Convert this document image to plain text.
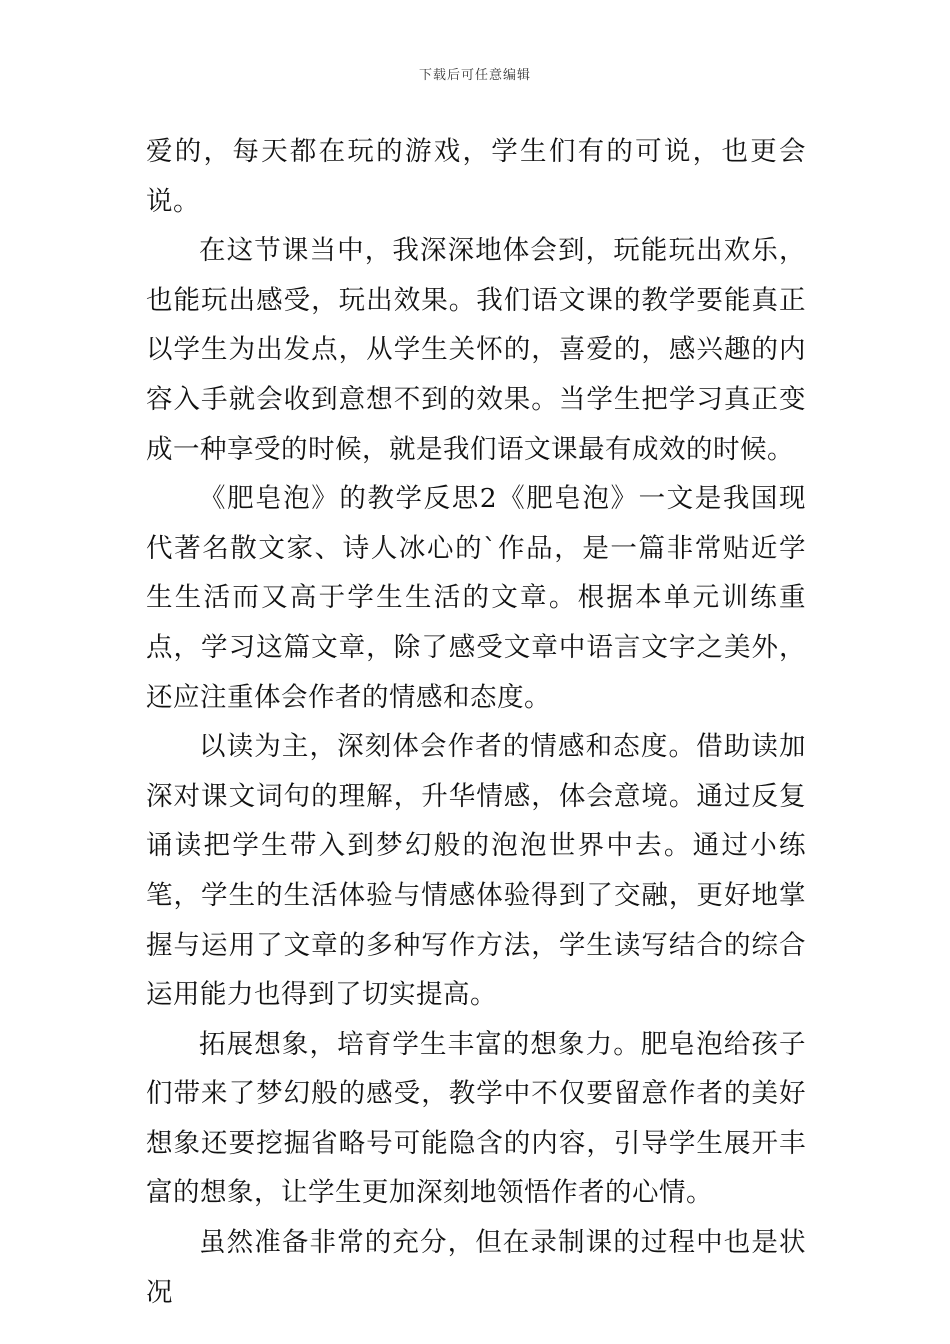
下载后可任意编辑

爱的，每天都在玩的游戏，学生们有的可说，也更会说。

在这节课当中，我深深地体会到，玩能玩出欢乐，也能玩出感受，玩出效果。我们语文课的教学要能真正以学生为出发点，从学生关怀的，喜爱的，感兴趣的内容入手就会收到意想不到的效果。当学生把学习真正变成一种享受的时候，就是我们语文课最有成效的时候。

《肥皂泡》的教学反思2《肥皂泡》一文是我国现代著名散文家、诗人冰心的`作品，是一篇非常贴近学生生活而又高于学生生活的文章。根据本单元训练重点，学习这篇文章，除了感受文章中语言文字之美外，还应注重体会作者的情感和态度。

以读为主，深刻体会作者的情感和态度。借助读加深对课文词句的理解，升华情感，体会意境。通过反复诵读把学生带入到梦幻般的泡泡世界中去。通过小练笔，学生的生活体验与情感体验得到了交融，更好地掌握与运用了文章的多种写作方法，学生读写结合的综合运用能力也得到了切实提高。

拓展想象，培育学生丰富的想象力。肥皂泡给孩子们带来了梦幻般的感受，教学中不仅要留意作者的美好想象还要挖掘省略号可能隐含的内容，引导学生展开丰富的想象，让学生更加深刻地领悟作者的心情。

虽然准备非常的充分，但在录制课的过程中也是状况
